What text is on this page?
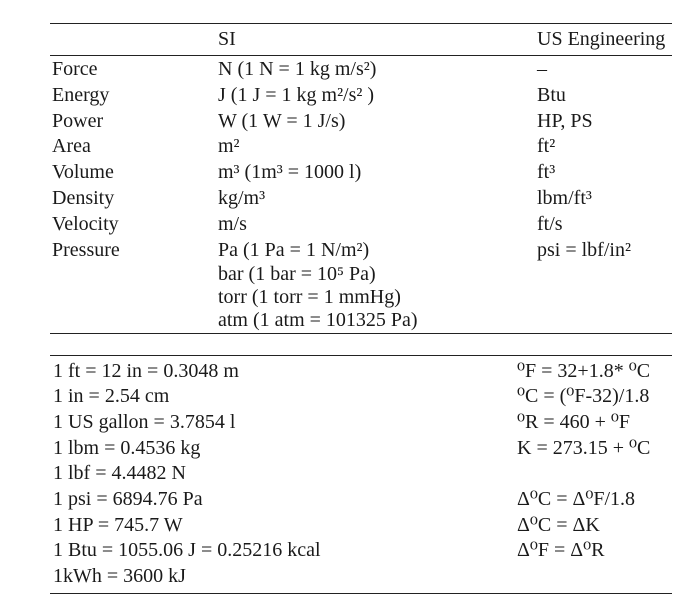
SI	US Engineering
Force
Energy
Power
Area
Volume
Density
Velocity
Pressure
N (1 N = 1 kg m/s²)
J (1 J = 1 kg m²/s² )
W (1 W = 1 J/s)
m²
m³ (1m³ = 1000 l)
kg/m³
m/s
Pa (1 Pa = 1 N/m²)
bar (1 bar = 10⁵ Pa)
torr (1 torr = 1 mmHg)
atm (1 atm = 101325 Pa)
–
Btu
HP, PS
ft²
ft³
lbm/ft³
ft/s
psi = lbf/in²
1 ft = 12 in = 0.3048 m
1 in = 2.54 cm
1 US gallon = 3.7854 l
1 lbm = 0.4536 kg
1 lbf = 4.4482 N
1 psi = 6894.76 Pa
1 HP = 745.7 W
1 Btu = 1055.06 J = 0.25216 kcal
1kWh = 3600 kJ
⁰F = 32+1.8* ⁰C
⁰C = (⁰F-32)/1.8
⁰R = 460 + ⁰F
K = 273.15 + ⁰C
Δ⁰C = Δ⁰F/1.8
Δ⁰C = ΔK
Δ⁰F = Δ⁰R
